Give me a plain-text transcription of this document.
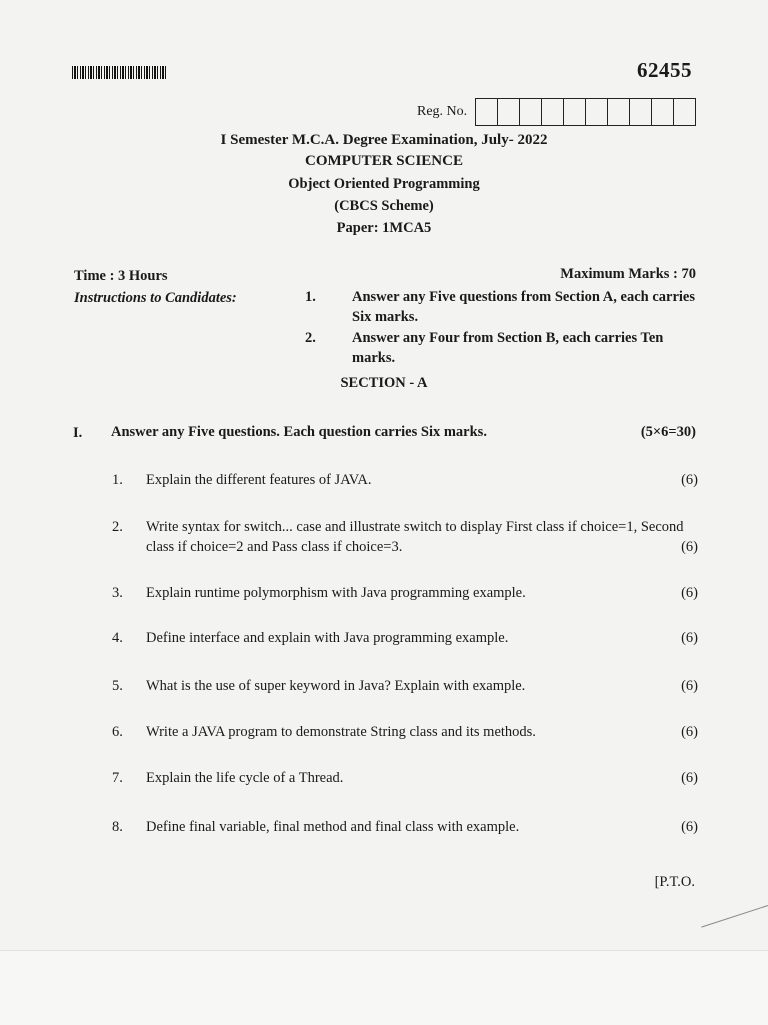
62455
Reg. No.
I Semester M.C.A. Degree Examination, July- 2022
COMPUTER SCIENCE
Object Oriented Programming
(CBCS Scheme)
Paper: 1MCA5
Time : 3 Hours	Maximum Marks : 70
Instructions to Candidates:	1. Answer any Five questions from Section A, each carries Six marks.
2. Answer any Four from Section B, each carries Ten marks.
SECTION - A
I. Answer any Five questions. Each question carries Six marks.	(5×6=30)
1. Explain the different features of JAVA.	(6)
2. Write syntax for switch... case and illustrate switch to display First class if choice=1, Second class if choice=2 and Pass class if choice=3.	(6)
3. Explain runtime polymorphism with Java programming example.	(6)
4. Define interface and explain with Java programming example.	(6)
5. What is the use of super keyword in Java? Explain with example.	(6)
6. Write a JAVA program to demonstrate String class and its methods.	(6)
7. Explain the life cycle of a Thread.	(6)
8. Define final variable, final method and final class with example.	(6)
[P.T.O.
